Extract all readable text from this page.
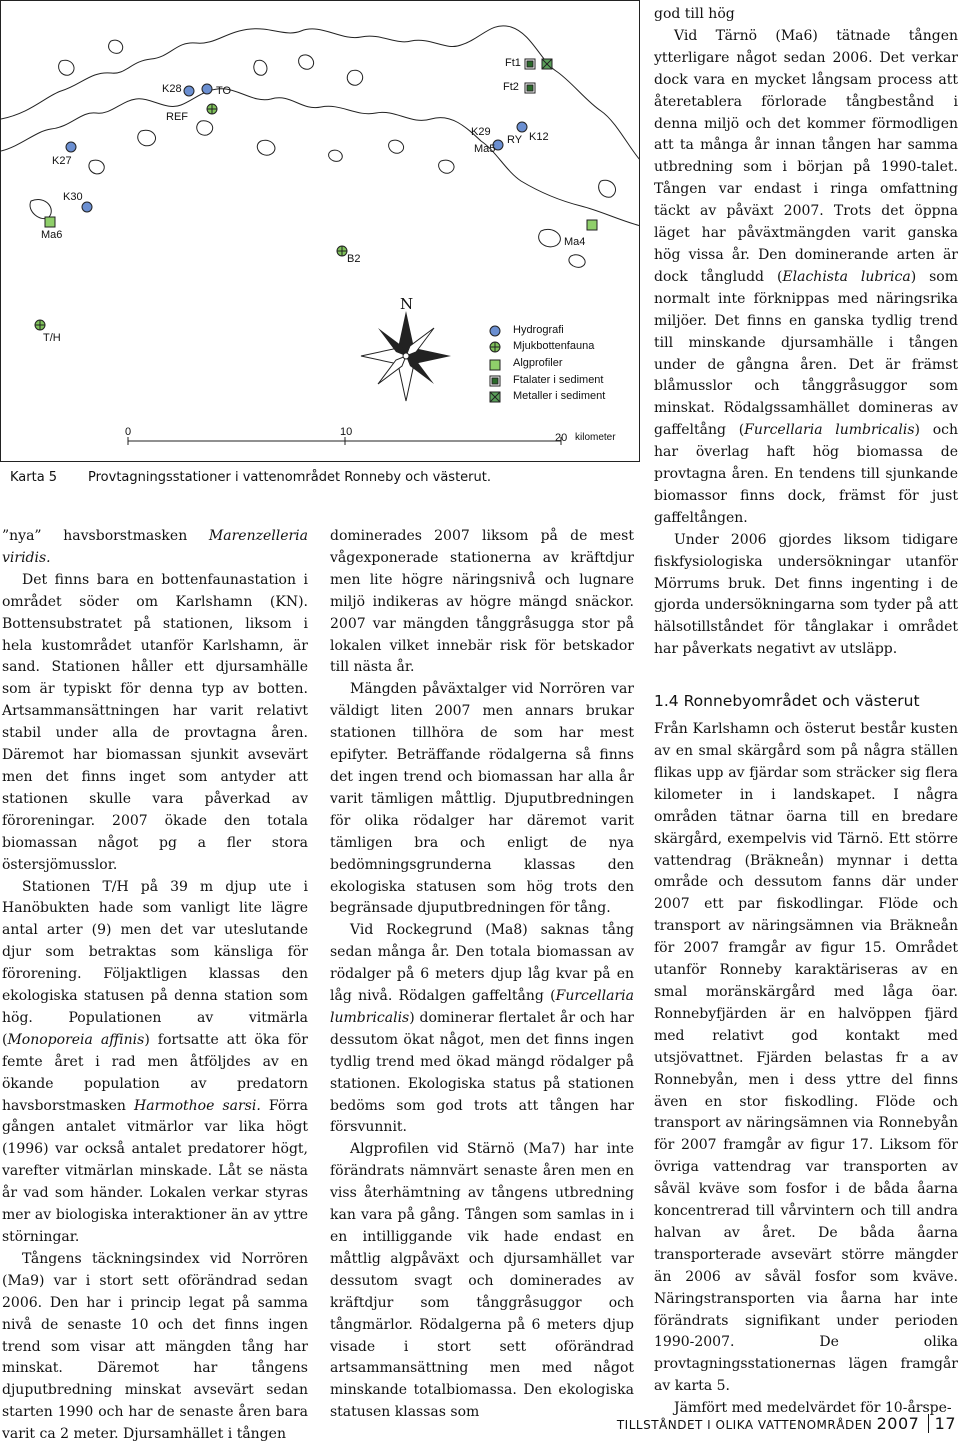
Ma6
K27
K30
T/H
REF
K28	TO
B2
Ft1
Ft2
K29
Ma5
RY K12
Ma4
N
Hydrografi
Mjukbottenfauna
Algprofiler
Ftalater i sediment
Metaller i sediment
0	10	20 kilometer
Karta 5 Provtagningsstationer i vattenområdet Ronneby och västerut.

”nya” havsborstmasken Marenzelleria viridis.

Det finns bara en bottenfaunastation i området söder om Karlshamn (KN). Bottensubstratet på stationen, liksom i hela kustområdet utanför Karlshamn, är sand. Stationen håller ett djursamhälle som är typiskt för denna typ av botten. Artsammansättningen har varit relativt stabil under alla de provtagna åren. Däremot har biomassan sjunkit avsevärt men det finns inget som antyder att stationen skulle vara påverkad av föroreningar. 2007 ökade den totala biomassan något pg a fler stora östersjömusslor.

Stationen T/H på 39 m djup ute i Hanöbukten hade som vanligt lite lägre antal arter (9) men det var uteslutande djur som betraktas som känsliga för förorening. Följaktligen klassas den ekologiska statusen på denna station som hög. Populationen av vitmärla (Monoporeia affinis) fortsatte att öka för femte året i rad men åtföljdes av en ökande population av predatorn havsborstmasken Harmothoe sarsi. Förra gången antalet vitmärlor var lika högt (1996) var också antalet predatorer högt, varefter vitmärlan minskade. Låt se nästa år vad som händer. Lokalen verkar styras mer av biologiska interaktioner än av yttre störningar.

Tångens täckningsindex vid Norrören (Ma9) var i stort sett oförändrad sedan 2006. Den har i princip legat på samma nivå de senaste 10 och det finns ingen trend som visar att mängden tång har minskat. Däremot har tångens djuputbredning minskat avsevärt sedan starten 1990 och har de senaste åren bara varit ca 2 meter. Djursamhället i tången

dominerades 2007 liksom på de mest vågexponerade stationerna av kräftdjur men lite högre näringsnivå och lugnare miljö indikeras av högre mängd snäckor. 2007 var mängden tånggråsugga stor på lokalen vilket innebär risk för betskador till nästa år.

Mängden påväxtalger vid Norrören var väldigt liten 2007 men annars brukar stationen tillhöra de som har mest epifyter. Beträffande rödalgerna så finns det ingen trend och biomassan har alla år varit tämligen måttlig. Djuputbredningen för olika rödalger har däremot varit tämligen bra och enligt de nya bedömningsgrunderna klassas den ekologiska statusen som hög trots den begränsade djuputbredningen för tång.

Vid Rockegrund (Ma8) saknas tång sedan många år. Den totala biomassan av rödalger på 6 meters djup låg kvar på en låg nivå. Rödalgen gaffeltång (Furcellaria lumbricalis) dominerar flertalet år och har dessutom ökat något, men det finns ingen tydlig trend med ökad mängd rödalger på stationen. Ekologiska status på stationen bedöms som god trots att tången har försvunnit.

Algprofilen vid Stärnö (Ma7) har inte förändrats nämnvärt senaste åren men en viss återhämtning av tångens utbredning kan vara på gång. Tången som samlas in i en intilliggande vik hade endast en måttlig algpåväxt och djursamhället var dessutom svagt och dominerades av kräftdjur som tånggråsuggor och tångmärlor. Rödalgerna på 6 meters djup visade i stort sett oförändrad artsammansättning men med något minskande totalbiomassa. Den ekologiska statusen klassas som

god till hög

Vid Tärnö (Ma6) tätnade tången ytterligare något sedan 2006. Det verkar dock vara en mycket långsam process att återetablera förlorade tångbestånd i denna miljö och det kommer förmodligen att ta många år innan tången har samma utbredning som i början på 1990-talet. Tången var endast i ringa omfattning täckt av påväxt 2007. Trots det öppna läget har påväxtmängden varit ganska hög vissa år. Den dominerande arten är dock tångludd (Elachista lubrica) som normalt inte förknippas med näringsrika miljöer. Det finns en ganska tydlig trend till minskande djursamhälle i tången under de gångna åren. Det är främst blåmusslor och tånggråsuggor som minskat. Rödalgssamhället domineras av gaffeltång (Furcellaria lumbricalis) och har överlag haft hög biomassa de provtagna åren. En tendens till sjunkande biomassor finns dock, främst för just gaffeltången.

Under 2006 gjordes liksom tidigare fiskfysiologiska undersökningar utanför Mörrums bruk. Det finns ingenting i de gjorda undersökningarna som tyder på att hälsotillståndet för tånglakar i området har påverkats negativt av utsläpp.

1.4 Ronnebyområdet och västerut

Från Karlshamn och österut består kusten av en smal skärgård som på några ställen flikas upp av fjärdar som sträcker sig flera kilometer in i landskapet. I några områden tätnar öarna till en bredare skärgård, exempelvis vid Tärnö. Ett större vattendrag (Bräkneån) mynnar i detta område och dessutom fanns där under 2007 ett par fiskodlingar. Flöde och transport av näringsämnen via Bräkneån för 2007 framgår av figur 15. Området utanför Ronneby karaktäriseras av en smal moränskärgård med låga öar. Ronnebyfjärden är en halvöppen fjärd med relativt god kontakt med utsjövattnet. Fjärden belastas fr a av Ronnebyån, men i dess yttre del finns även en stor fiskodling. Flöde och transport av näringsämnen via Ronnebyån för 2007 framgår av figur 17. Liksom för övriga vattendrag var transporten av såväl kväve som fosfor i de båda åarna koncentrerad till vårvintern och till andra halvan av året. De båda åarna transporterade avsevärt större mängder än 2006 av såväl fosfor som kväve. Näringstransporten via åarna har inte förändrats signifikant under perioden 1990-2007. De olika provtagningsstationernas lägen framgår av karta 5.

Jämfört med medelvärdet för 10-årspe-

TILLSTÅNDET I OLIKA VATTENOMRÅDEN 2007 17
